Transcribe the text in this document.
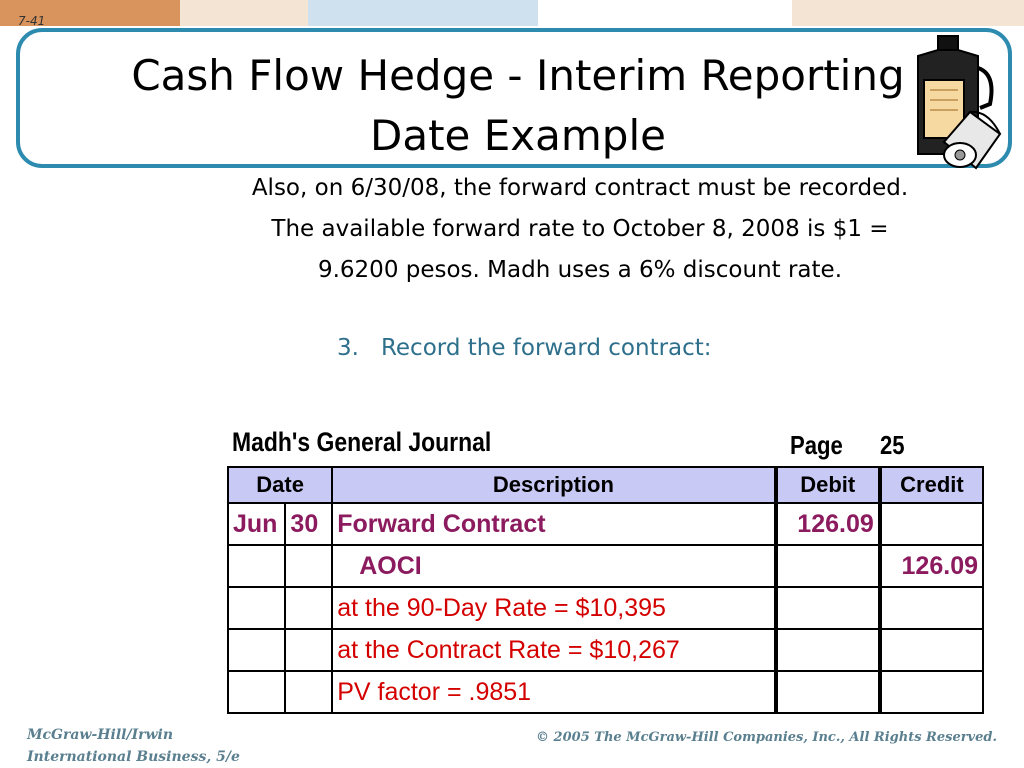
7-41
Cash Flow Hedge - Interim Reporting
Date Example
Also, on 6/30/08, the forward contract must be recorded. The available forward rate to October 8, 2008 is $1 = 9.6200 pesos. Madh uses a 6% discount rate.
3. Record the forward contract:
Madh's General Journal	Page 25
Date		Description		Debit		Credit
Jun	30	Forward Contract		126.09		
		AOCI				126.09
		at the 90-Day Rate = $10,395				
		at the Contract Rate = $10,267				
		PV factor = .9851				
McGraw-Hill/Irwin
International Business, 5/e
© 2005 The McGraw-Hill Companies, Inc., All Rights Reserved.
